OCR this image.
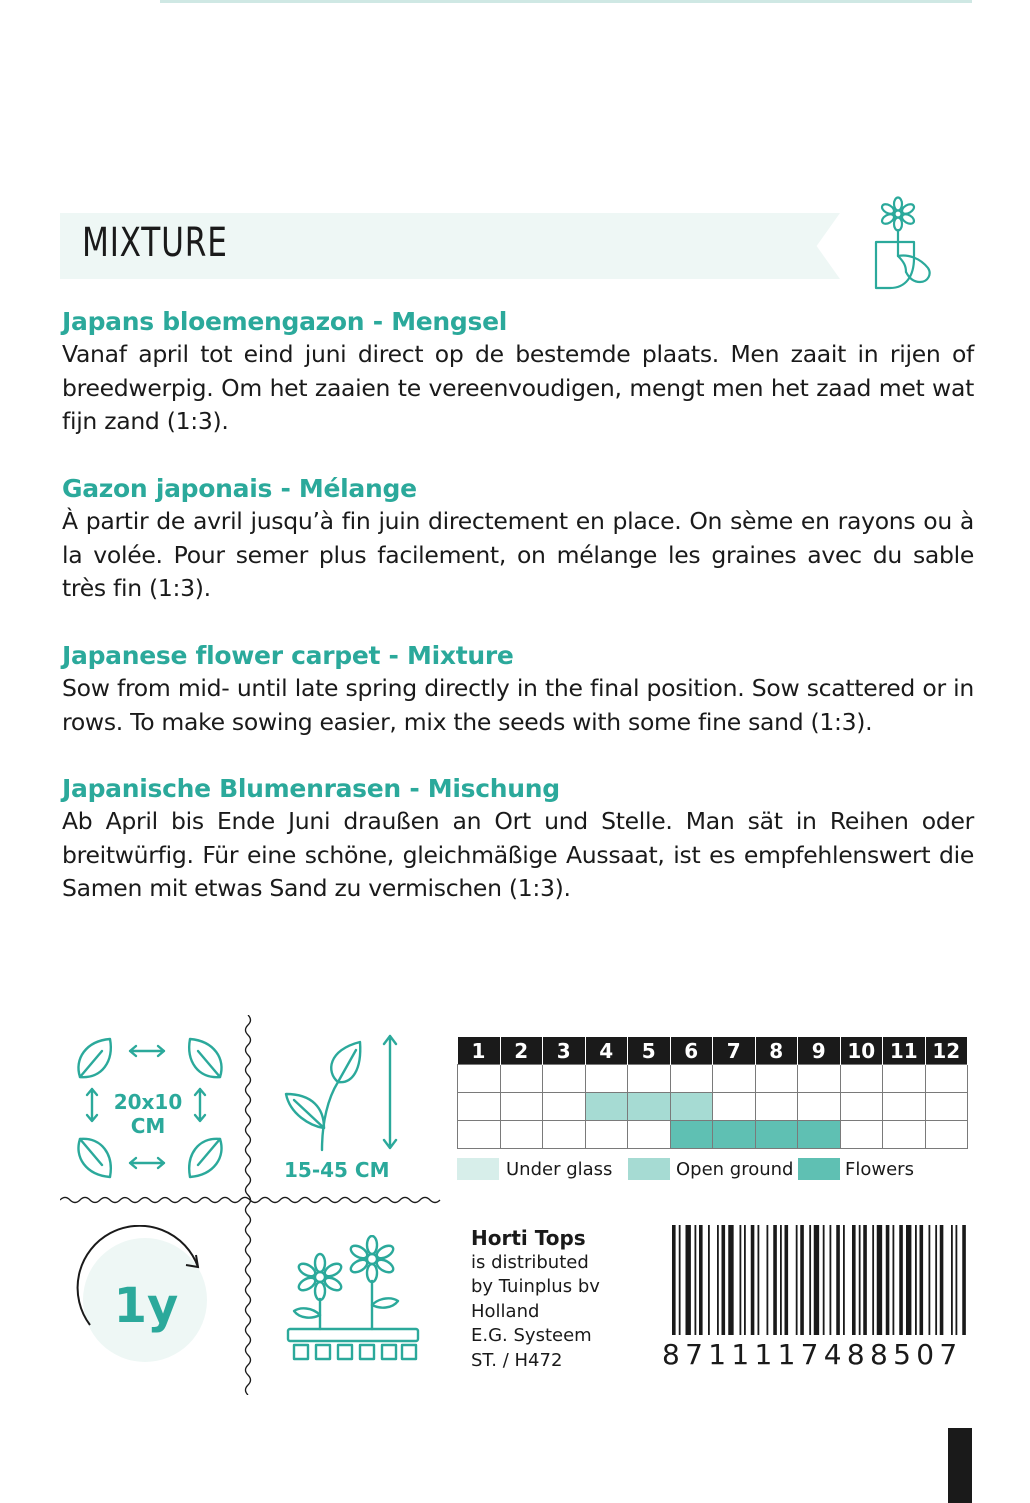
MIXTURE
Japans bloemengazon - Mengsel

Vanaf april tot eind juni direct op de bestemde plaats. Men zaait in rijen of breedwerpig. Om het zaaien te vereenvoudigen, mengt men het zaad met wat fijn zand (1:3).

Gazon japonais - Mélange

À partir de avril jusqu’à fin juin directement en place. On sème en rayons ou à la volée. Pour semer plus facilement, on mélange les graines avec du sable très fin (1:3).

Japanese flower carpet - Mixture

Sow from mid- until late spring directly in the final position. Sow scattered or in rows. To make sowing easier, mix the seeds with some fine sand (1:3).

Japanische Blumenrasen - Mischung

Ab April bis Ende Juni draußen an Ort und Stelle. Man sät in Reihen oder breitwürfig. Für eine schöne, gleichmäßige Aussaat, ist es empfehlenswert die Samen mit etwas Sand zu vermischen (1:3).

20x10
CM
15-45 CM
1y
1	2	3	4	5	6	7	8	9	10	11	12

Under glass	Open ground	Flowers
Horti Tops
is distributed
by Tuinplus bv
Holland
E.G. Systeem
ST. / H472	8711117488507
